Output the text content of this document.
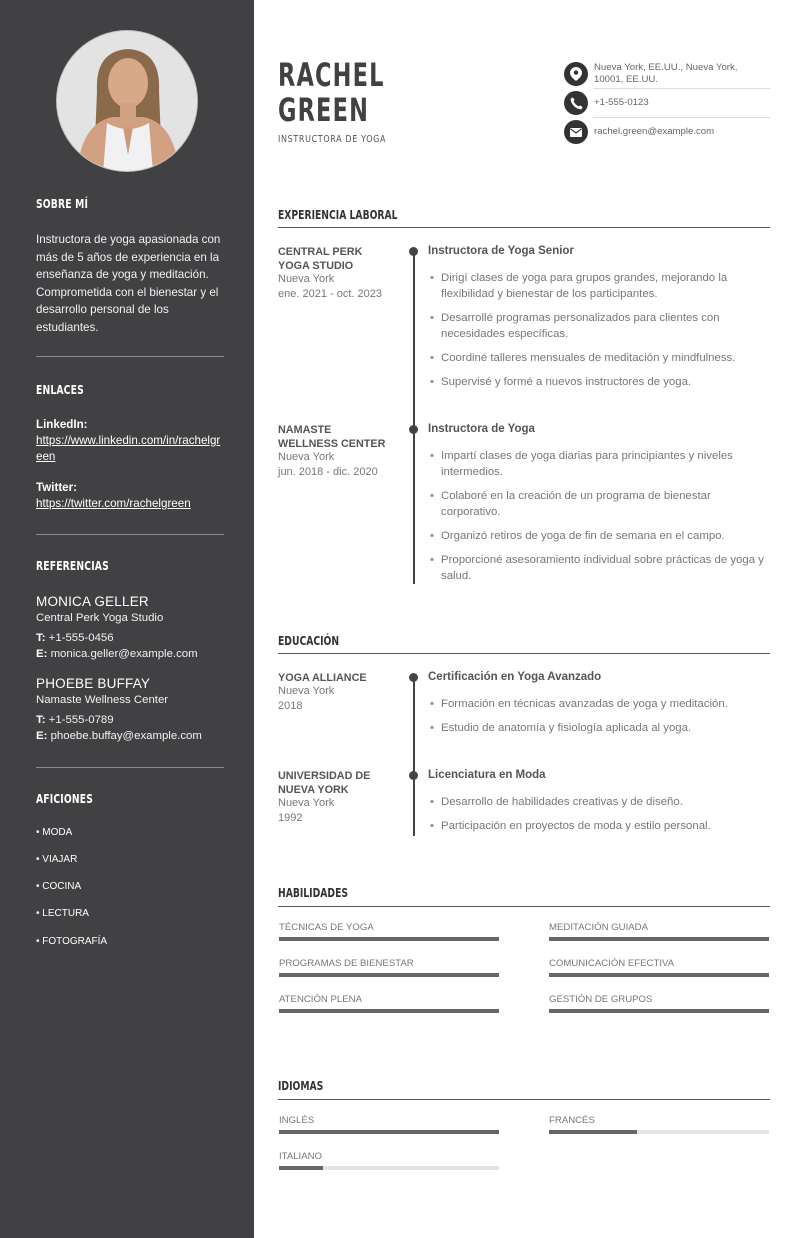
SOBRE MÍ
Instructora de yoga apasionada con más de 5 años de experiencia en la enseñanza de yoga y meditación. Comprometida con el bienestar y el desarrollo personal de los estudiantes.
ENLACES
LinkedIn:
https://www.linkedin.com/in/rachelgreen
Twitter:
https://twitter.com/rachelgreen
REFERENCIAS
MONICA GELLER
Central Perk Yoga Studio
T: +1-555-0456
E: monica.geller@example.com
PHOEBE BUFFAY
Namaste Wellness Center
T: +1-555-0789
E: phoebe.buffay@example.com
AFICIONES
• MODA
• VIAJAR
• COCINA
• LECTURA
• FOTOGRAFÍA
RACHEL
GREEN
INSTRUCTORA DE YOGA
Nueva York, EE.UU., Nueva York,
10001, EE.UU.
+1-555-0123
rachel.green@example.com
EXPERIENCIA LABORAL
CENTRAL PERK
YOGA STUDIO
Nueva York
ene. 2021 - oct. 2023
Instructora de Yoga Senior
• Dirigí clases de yoga para grupos grandes, mejorando la flexibilidad y bienestar de los participantes.
• Desarrollé programas personalizados para clientes con necesidades específicas.
• Coordiné talleres mensuales de meditación y mindfulness.
• Supervisé y formé a nuevos instructores de yoga.
NAMASTE
WELLNESS CENTER
Nueva York
jun. 2018 - dic. 2020
Instructora de Yoga
• Impartí clases de yoga diarias para principiantes y niveles intermedios.
• Colaboré en la creación de un programa de bienestar corporativo.
• Organizó retiros de yoga de fin de semana en el campo.
• Proporcioné asesoramiento individual sobre prácticas de yoga y salud.
EDUCACIÓN
YOGA ALLIANCE
Nueva York
2018
Certificación en Yoga Avanzado
• Formación en técnicas avanzadas de yoga y meditación.
• Estudio de anatomía y fisiología aplicada al yoga.
UNIVERSIDAD DE
NUEVA YORK
Nueva York
1992
Licenciatura en Moda
• Desarrollo de habilidades creativas y de diseño.
• Participación en proyectos de moda y estilo personal.
HABILIDADES
TÉCNICAS DE YOGA	MEDITACIÓN GUIADA
PROGRAMAS DE BIENESTAR	COMUNICACIÓN EFECTIVA
ATENCIÓN PLENA	GESTIÓN DE GRUPOS
IDIOMAS
INGLÉS	FRANCÉS
ITALIANO
